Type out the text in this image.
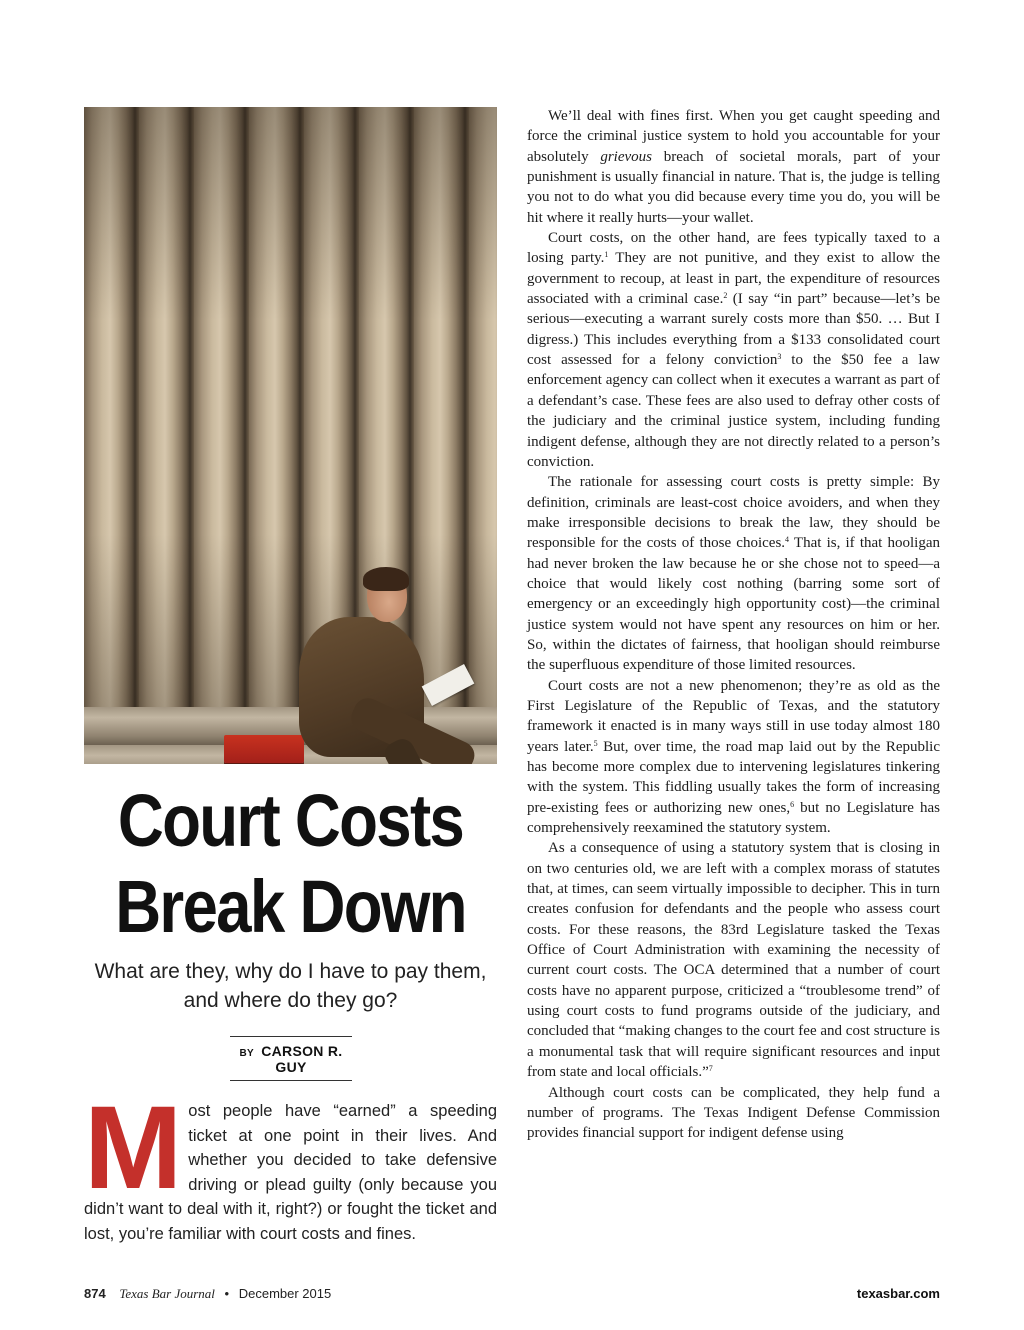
Court Costs
Break Down
What are they, why do I have to pay them, and where do they go?
BY CARSON R. GUY
M ost people have “earned” a speeding ticket at one point in their lives. And whether you decided to take defensive driving or plead guilty (only because you didn’t want to deal with it, right?) or fought the ticket and lost, you’re familiar with court costs and fines.

We’ll deal with fines first. When you get caught speeding and force the criminal justice system to hold you accountable for your absolutely grievous breach of societal morals, part of your punishment is usually financial in nature. That is, the judge is telling you not to do what you did because every time you do, you will be hit where it really hurts—your wallet.

Court costs, on the other hand, are fees typically taxed to a losing party.$^1$ They are not punitive, and they exist to allow the government to recoup, at least in part, the expenditure of resources associated with a criminal case.$^2$ (I say “in part” because—let’s be serious—executing a warrant surely costs more than $50. … But I digress.) This includes everything from a $133 consolidated court cost assessed for a felony conviction$^3$ to the $50 fee a law enforcement agency can collect when it executes a warrant as part of a defendant’s case. These fees are also used to defray other costs of the judiciary and the criminal justice system, including funding indigent defense, although they are not directly related to a person’s conviction.

The rationale for assessing court costs is pretty simple: By definition, criminals are least-cost choice avoiders, and when they make irresponsible decisions to break the law, they should be responsible for the costs of those choices.$^4$ That is, if that hooligan had never broken the law because he or she chose not to speed—a choice that would likely cost nothing (barring some sort of emergency or an exceedingly high opportunity cost)—the criminal justice system would not have spent any resources on him or her. So, within the dictates of fairness, that hooligan should reimburse the superfluous expenditure of those limited resources.

Court costs are not a new phenomenon; they’re as old as the First Legislature of the Republic of Texas, and the statutory framework it enacted is in many ways still in use today almost 180 years later.$^5$ But, over time, the road map laid out by the Republic has become more complex due to intervening legislatures tinkering with the system. This fiddling usually takes the form of increasing pre-existing fees or authorizing new ones,$^6$ but no Legislature has comprehensively reexamined the statutory system.

As a consequence of using a statutory system that is closing in on two centuries old, we are left with a complex morass of statutes that, at times, can seem virtually impossible to decipher. This in turn creates confusion for defendants and the people who assess court costs. For these reasons, the 83rd Legislature tasked the Texas Office of Court Administration with examining the necessity of current court costs. The OCA determined that a number of court costs have no apparent purpose, criticized a “troublesome trend” of using court costs to fund programs outside of the judiciary, and concluded that “making changes to the court fee and cost structure is a monumental task that will require significant resources and input from state and local officials.”$^7$

Although court costs can be complicated, they help fund a number of programs. The Texas Indigent Defense Commission provides financial support for indigent defense using

874 Texas Bar Journal • December 2015	texasbar.com
